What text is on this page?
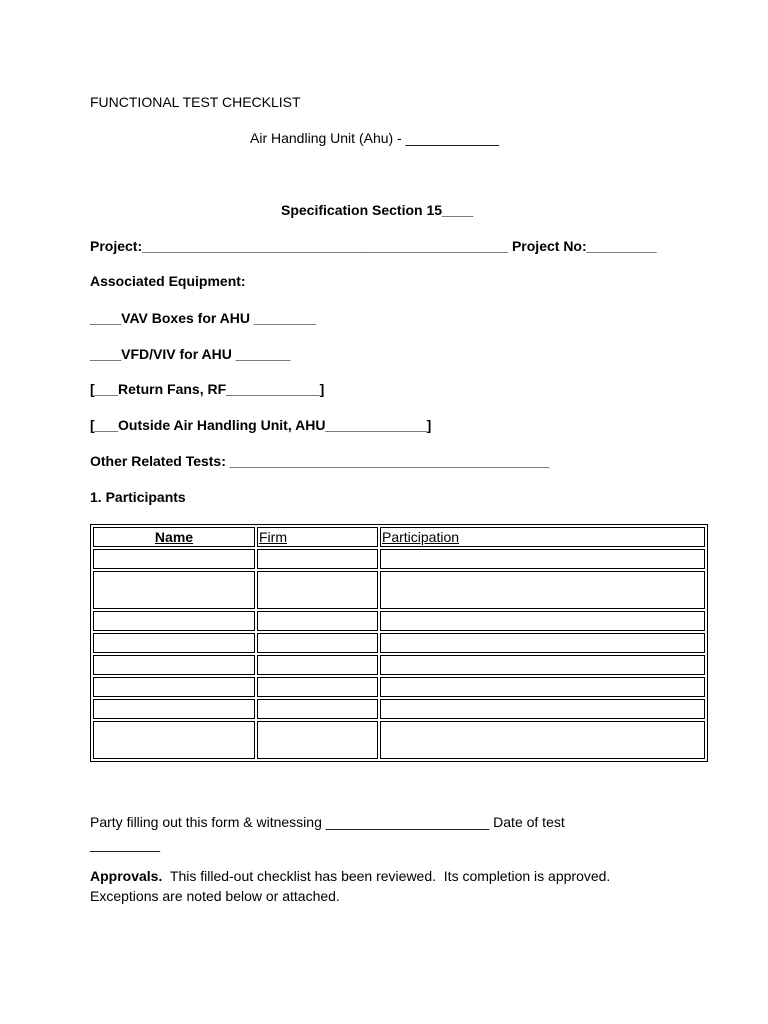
FUNCTIONAL TEST CHECKLIST
Air Handling Unit (Ahu) - ____________
Specification Section 15____
Project:_______________________________________________ Project No:_________
Associated Equipment:
____VAV Boxes for AHU ________
____VFD/VIV for AHU _______
[___Return Fans, RF____________]
[___Outside Air Handling Unit, AHU_____________]
Other Related Tests: _________________________________________
1. Participants
Name	Firm	Participation

Party filling out this form & witnessing _____________________ Date of test
_________
Approvals.  This filled-out checklist has been reviewed.  Its completion is approved.
Exceptions are noted below or attached.
